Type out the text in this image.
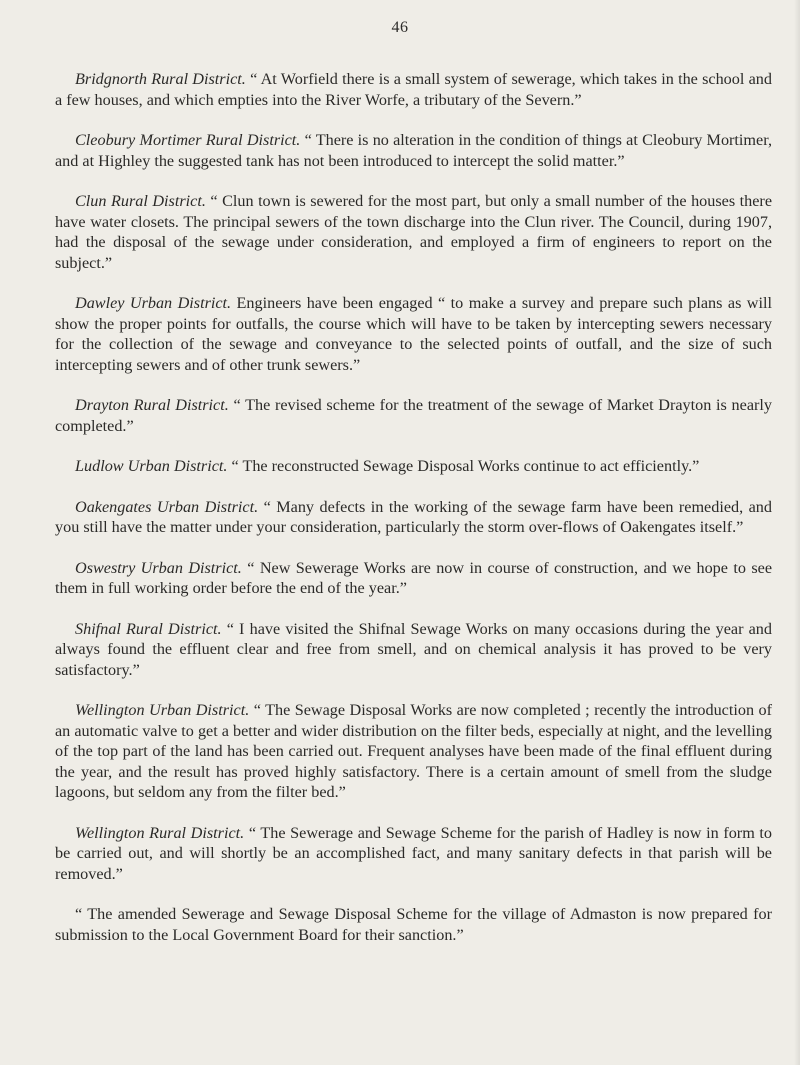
46

Bridgnorth Rural District. “ At Worfield there is a small system of sewerage, which takes in the school and a few houses, and which empties into the River Worfe, a tributary of the Severn.”

Cleobury Mortimer Rural District. “ There is no alteration in the condition of things at Cleobury Mortimer, and at Highley the suggested tank has not been introduced to intercept the solid matter.”

Clun Rural District. “ Clun town is sewered for the most part, but only a small number of the houses there have water closets. The principal sewers of the town discharge into the Clun river. The Council, during 1907, had the disposal of the sewage under consideration, and employed a firm of engineers to report on the subject.”

Dawley Urban District. Engineers have been engaged “ to make a survey and prepare such plans as will show the proper points for outfalls, the course which will have to be taken by intercepting sewers necessary for the collection of the sewage and conveyance to the selected points of outfall, and the size of such intercepting sewers and of other trunk sewers.”

Drayton Rural District. “ The revised scheme for the treatment of the sewage of Market Drayton is nearly completed.”

Ludlow Urban District. “ The reconstructed Sewage Disposal Works continue to act efficiently.”

Oakengates Urban District. “ Many defects in the working of the sewage farm have been remedied, and you still have the matter under your consideration, particularly the storm over-flows of Oakengates itself.”

Oswestry Urban District. “ New Sewerage Works are now in course of construction, and we hope to see them in full working order before the end of the year.”

Shifnal Rural District. “ I have visited the Shifnal Sewage Works on many occasions during the year and always found the effluent clear and free from smell, and on chemical analysis it has proved to be very satisfactory.”

Wellington Urban District. “ The Sewage Disposal Works are now completed ; recently the introduction of an automatic valve to get a better and wider distribution on the filter beds, especially at night, and the levelling of the top part of the land has been carried out. Frequent analyses have been made of the final effluent during the year, and the result has proved highly satisfactory. There is a certain amount of smell from the sludge lagoons, but seldom any from the filter bed.”

Wellington Rural District. “ The Sewerage and Sewage Scheme for the parish of Hadley is now in form to be carried out, and will shortly be an accomplished fact, and many sanitary defects in that parish will be removed.”

“ The amended Sewerage and Sewage Disposal Scheme for the village of Admaston is now prepared for submission to the Local Government Board for their sanction.”
